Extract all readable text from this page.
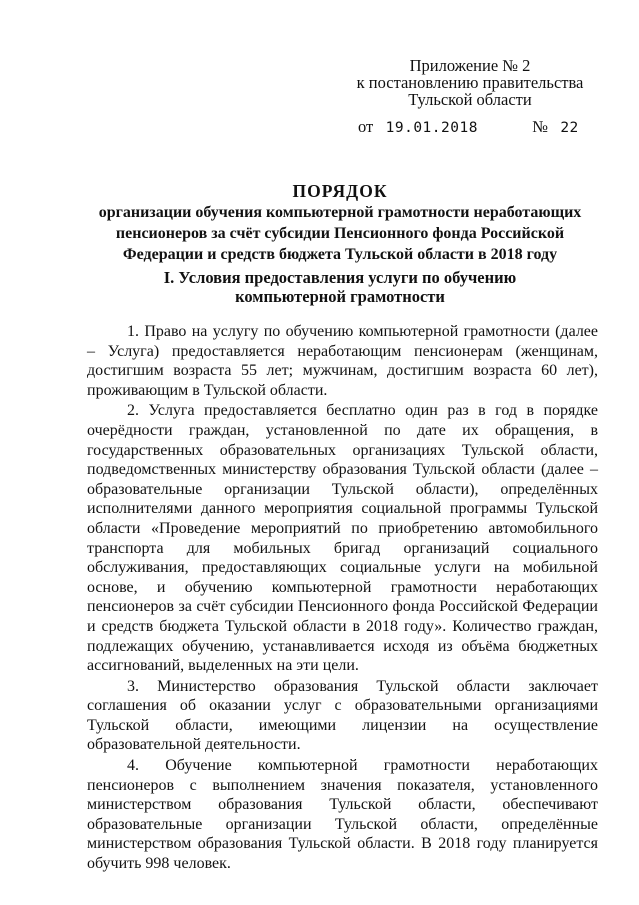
Приложение № 2
к постановлению правительства
Тульской области
от 19.01.2018	№ 22
ПОРЯДОК
организации обучения компьютерной грамотности неработающих
пенсионеров за счёт субсидии Пенсионного фонда Российской
Федерации и средств бюджета Тульской области в 2018 году
I. Условия предоставления услуги по обучению
компьютерной грамотности

1. Право на услугу по обучению компьютерной грамотности (далее – Услуга) предоставляется неработающим пенсионерам (женщинам, достигшим возраста 55 лет; мужчинам, достигшим возраста 60 лет), проживающим в Тульской области.

2. Услуга предоставляется бесплатно один раз в год в порядке очерёдности граждан, установленной по дате их обращения, в государственных образовательных организациях Тульской области, подведомственных министерству образования Тульской области (далее – образовательные организации Тульской области), определённых исполнителями данного мероприятия социальной программы Тульской области «Проведение мероприятий по приобретению автомобильного транспорта для мобильных бригад организаций социального обслуживания, предоставляющих социальные услуги на мобильной основе, и обучению компьютерной грамотности неработающих пенсионеров за счёт субсидии Пенсионного фонда Российской Федерации и средств бюджета Тульской области в 2018 году». Количество граждан, подлежащих обучению, устанавливается исходя из объёма бюджетных ассигнований, выделенных на эти цели.

3. Министерство образования Тульской области заключает соглашения об оказании услуг с образовательными организациями Тульской области, имеющими лицензии на осуществление образовательной деятельности.

4. Обучение компьютерной грамотности неработающих пенсионеров с выполнением значения показателя, установленного министерством образования Тульской области, обеспечивают образовательные организации Тульской области, определённые министерством образования Тульской области. В 2018 году планируется обучить 998 человек.
